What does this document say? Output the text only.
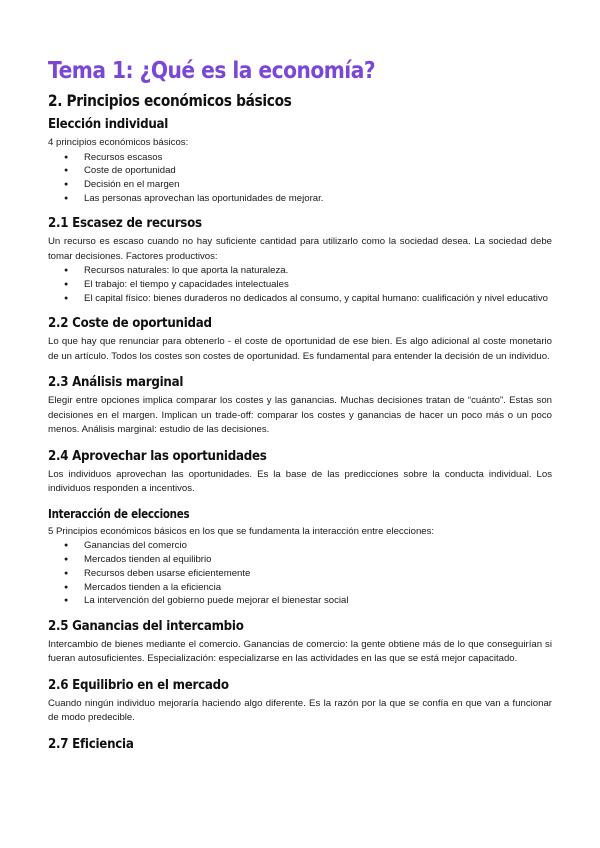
Tema 1: ¿Qué es la economía?
2. Principios económicos básicos
Elección individual

4 principios económicos básicos:

● Recursos escasos
● Coste de oportunidad
● Decisión en el margen
● Las personas aprovechan las oportunidades de mejorar.
2.1 Escasez de recursos

Un recurso es escaso cuando no hay suficiente cantidad para utilizarlo como la sociedad desea. La sociedad debe tomar decisiones. Factores productivos:

● Recursos naturales: lo que aporta la naturaleza.
● El trabajo: el tiempo y capacidades intelectuales
● El capital físico: bienes duraderos no dedicados al consumo, y capital humano: cualificación y nivel educativo
2.2 Coste de oportunidad

Lo que hay que renunciar para obtenerlo - el coste de oportunidad de ese bien. Es algo adicional al coste monetario de un artículo. Todos los costes son costes de oportunidad. Es fundamental para entender la decisión de un individuo.

2.3 Análisis marginal

Elegir entre opciones implica comparar los costes y las ganancias. Muchas decisiones tratan de “cuánto”. Estas son decisiones en el margen. Implican un trade-off: comparar los costes y ganancias de hacer un poco más o un poco menos. Análisis marginal: estudio de las decisiones.

2.4 Aprovechar las oportunidades

Los individuos aprovechan las oportunidades. Es la base de las predicciones sobre la conducta individual. Los individuos responden a incentivos.

Interacción de elecciones

5 Principios económicos básicos en los que se fundamenta la interacción entre elecciones:

● Ganancias del comercio
● Mercados tienden al equilibrio
● Recursos deben usarse eficientemente
● Mercados tienden a la eficiencia
● La intervención del gobierno puede mejorar el bienestar social
2.5 Ganancias del intercambio

Intercambio de bienes mediante el comercio. Ganancias de comercio: la gente obtiene más de lo que conseguirían si fueran autosuficientes. Especialización: especializarse en las actividades en las que se está mejor capacitado.

2.6 Equilibrio en el mercado

Cuando ningún individuo mejoraría haciendo algo diferente. Es la razón por la que se confía en que van a funcionar de modo predecible.

2.7 Eficiencia
